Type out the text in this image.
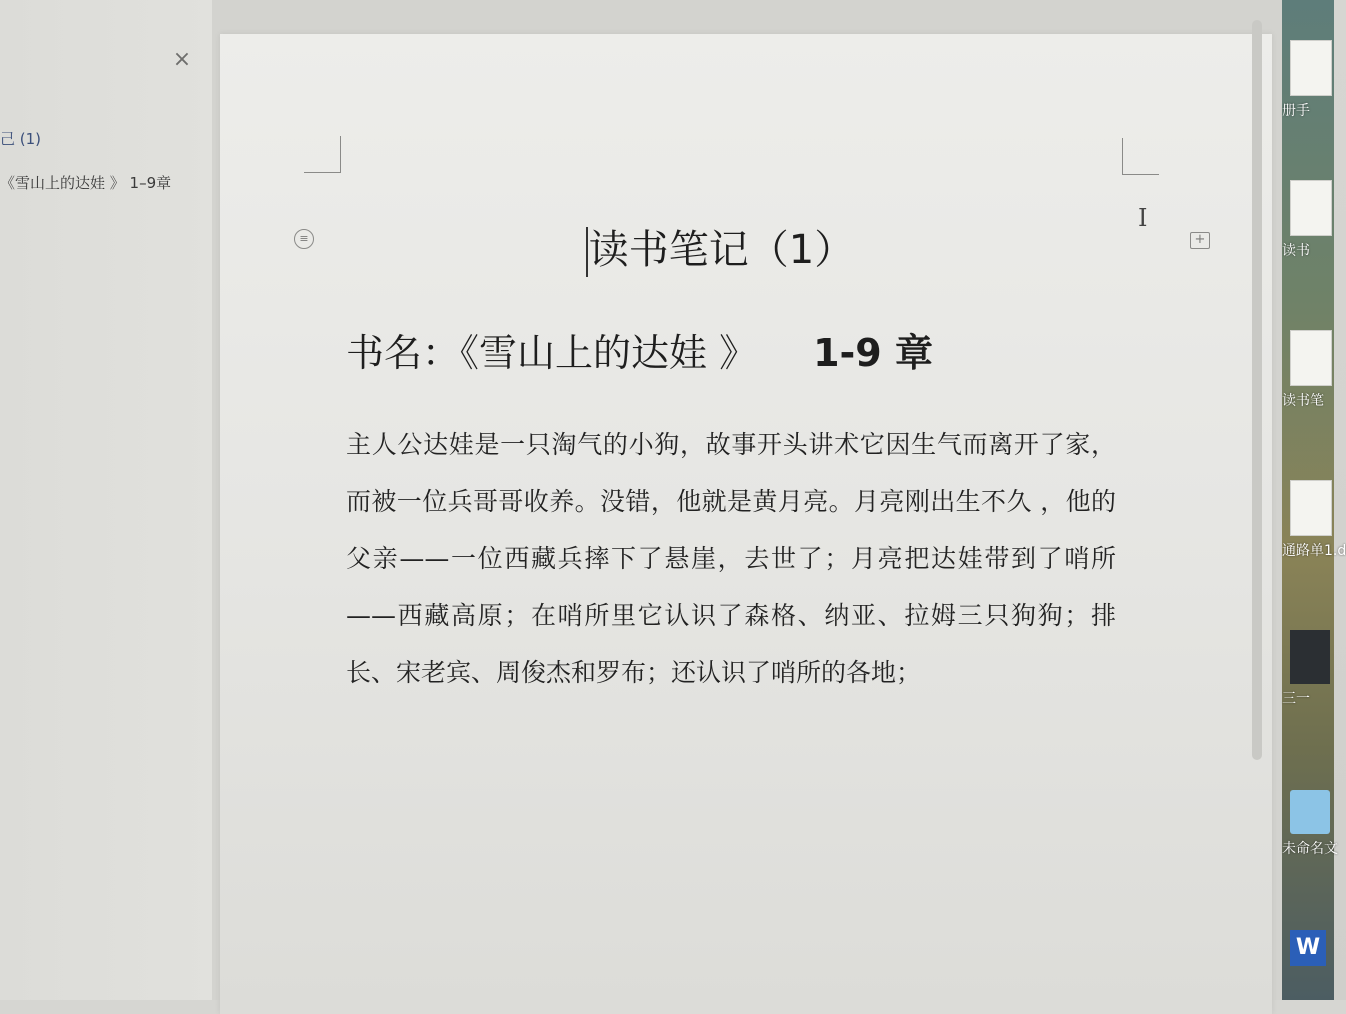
×
己 (1)
《雪山上的达娃 》 1–9章
≡	+
I
读书笔记（1）
书名：《雪山上的达娃 》 1-9 章
主人公达娃是一只淘气的小狗，故事开头讲术它因生气而离开了家，而被一位兵哥哥收养。没错，他就是黄月亮。月亮刚出生不久 ，他的父亲——一位西藏兵摔下了悬崖，去世了；月亮把达娃带到了哨所——西藏高原；在哨所里它认识了森格、纳亚、拉姆三只狗狗；排长、宋老宾、周俊杰和罗布；还认识了哨所的各地；
册手
读书
读书笔
通路单1.d
三一
未命名文
W
